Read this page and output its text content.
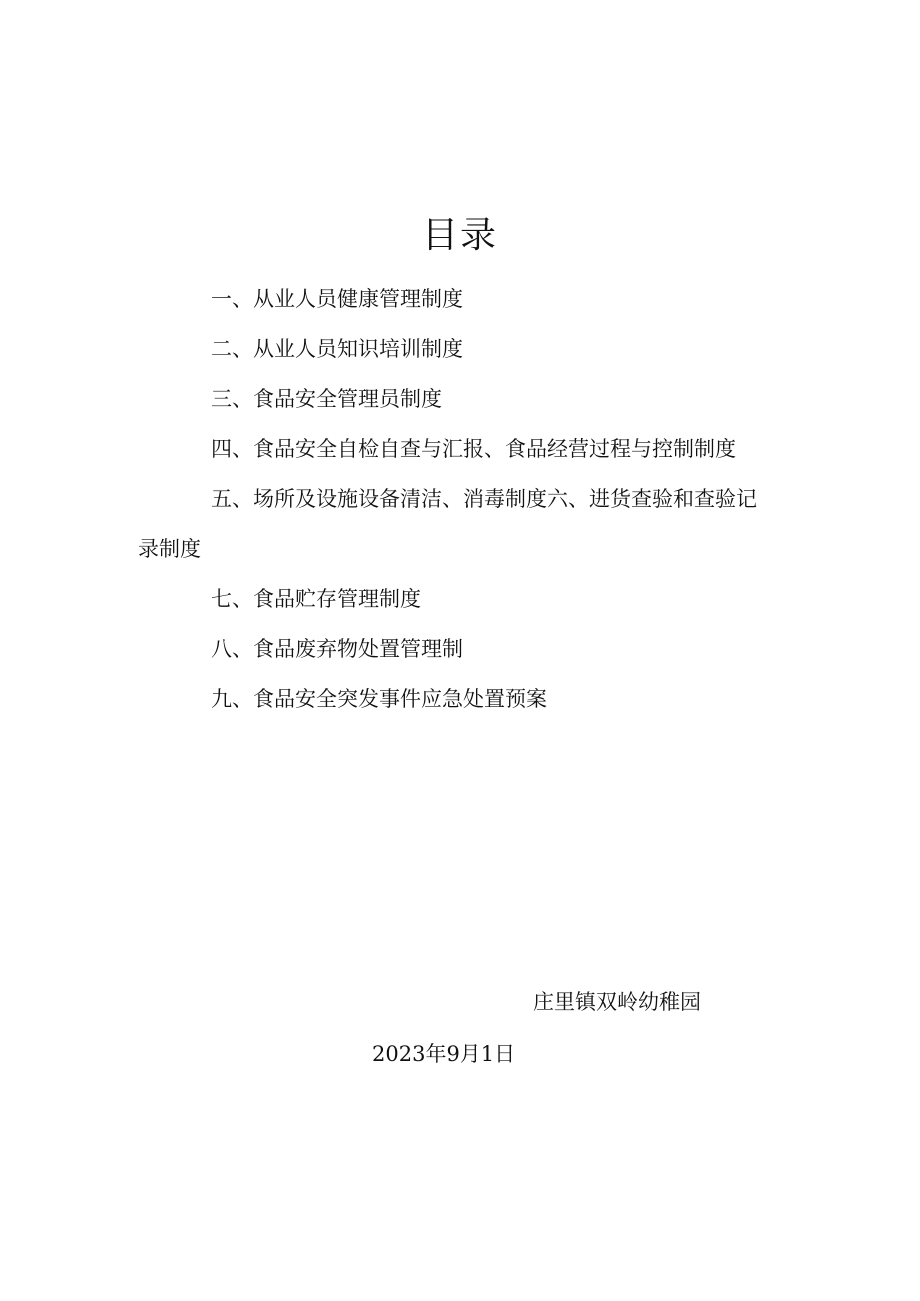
目录
一、从业人员健康管理制度
二、从业人员知识培训制度
三、食品安全管理员制度
四、食品安全自检自查与汇报、食品经营过程与控制制度
五、场所及设施设备清洁、消毒制度六、进货查验和查验记录制度
七、食品贮存管理制度
八、食品废弃物处置管理制
九、食品安全突发事件应急处置预案
庄里镇双岭幼稚园
2023年9月1日
